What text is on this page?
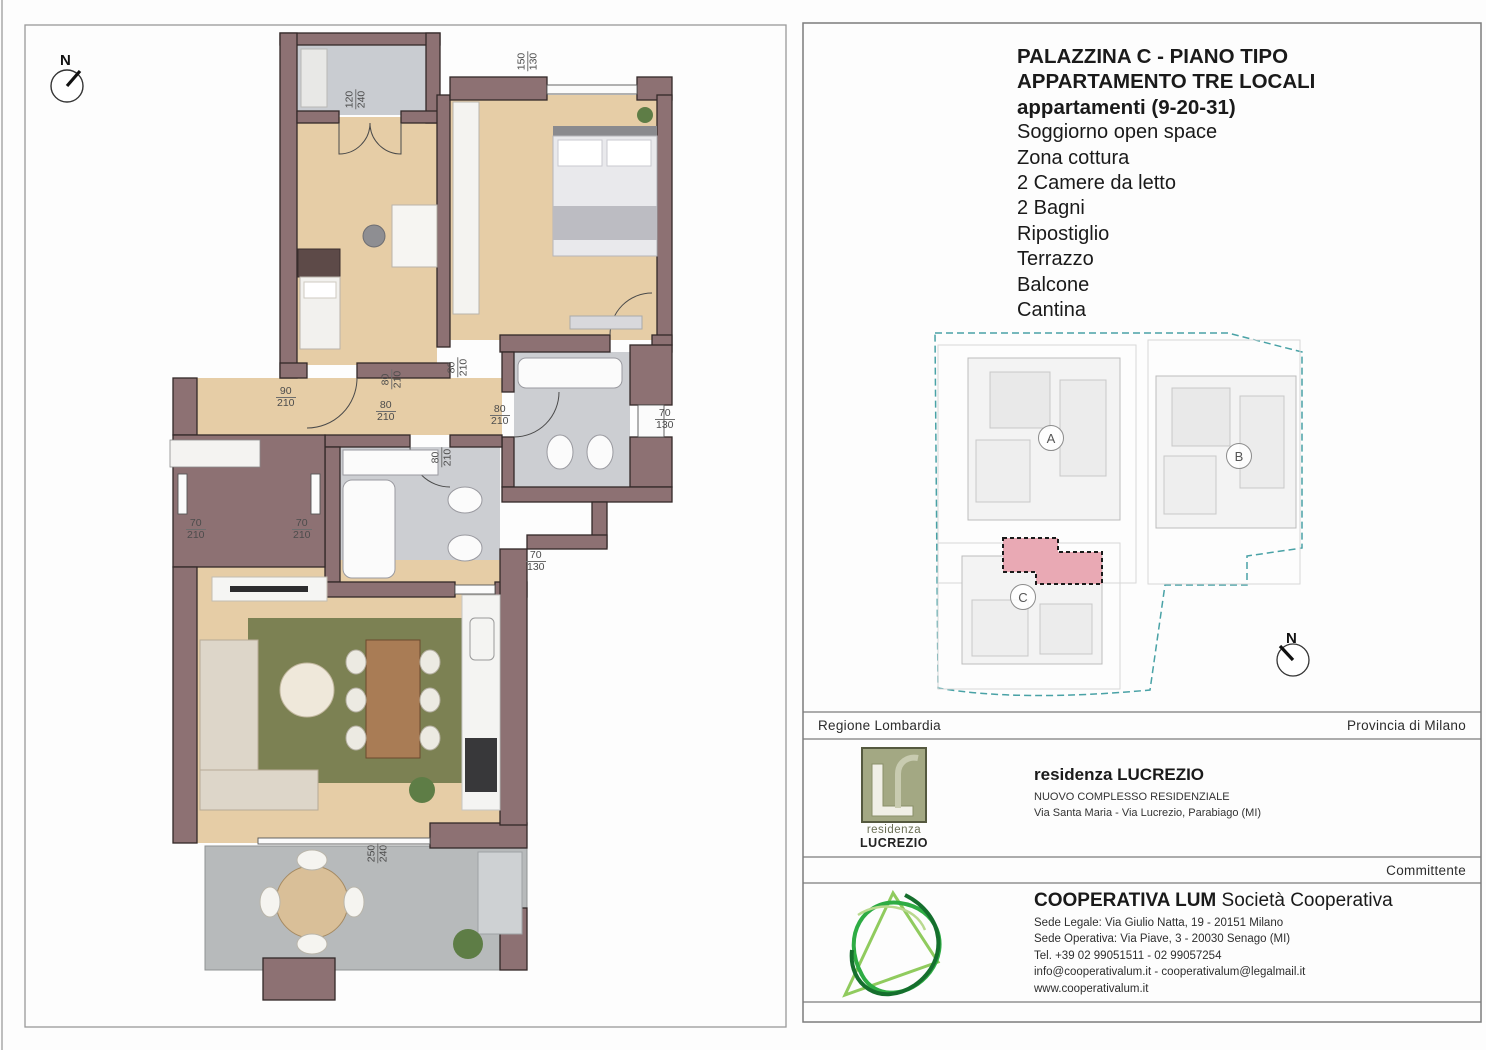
N
N
120 240
150 130
90
210
80 210
80 210
80
210
80
210
70
130
80 210
70
210
70
210
70
130
250 240
A
B
C
PALAZZINA C - PIANO TIPO
APPARTAMENTO TRE LOCALI
appartamenti (9-20-31)
Soggiorno open space
Zona cottura
2 Camere da letto
2 Bagni
Ripostiglio
Terrazzo
Balcone
Cantina
Regione Lombardia	Provincia di Milano
residenza
LUCREZIO
residenza LUCREZIO
NUOVO COMPLESSO RESIDENZIALE
Via Santa Maria - Via Lucrezio, Parabiago (MI)
Committente
COOPERATIVA LUM Società Cooperativa
Sede Legale: Via Giulio Natta, 19 - 20151 Milano
Sede Operativa: Via Piave, 3 - 20030 Senago (MI)
Tel. +39 02 99051511 - 02 99057254
info@cooperativalum.it - cooperativalum@legalmail.it
www.cooperativalum.it
